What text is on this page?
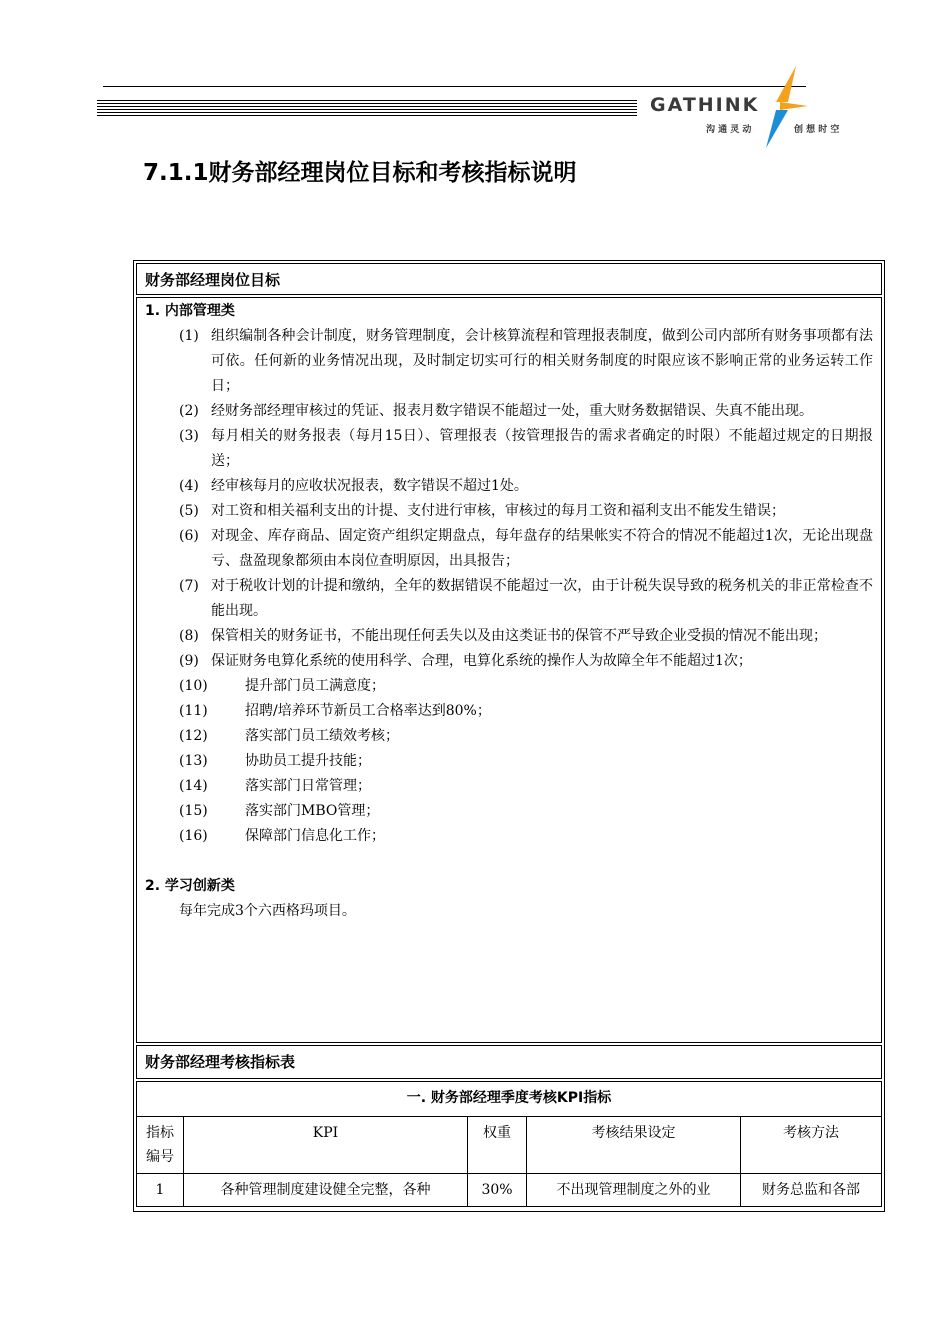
GATHINK
沟 通 灵 动	创 想 时 空
7.1.1财务部经理岗位目标和考核指标说明
财务部经理岗位目标
1. 内部管理类
(1) 组织编制各种会计制度，财务管理制度，会计核算流程和管理报表制度，做到公司内部所有财务事项都有法可依。任何新的业务情况出现，及时制定切实可行的相关财务制度的时限应该不影响正常的业务运转工作日；
(2) 经财务部经理审核过的凭证、报表月数字错误不能超过一处，重大财务数据错误、失真不能出现。
(3) 每月相关的财务报表（每月15日）、管理报表（按管理报告的需求者确定的时限）不能超过规定的日期报送；
(4) 经审核每月的应收状况报表，数字错误不超过1处。
(5) 对工资和相关福利支出的计提、支付进行审核，审核过的每月工资和福利支出不能发生错误；
(6) 对现金、库存商品、固定资产组织定期盘点，每年盘存的结果帐实不符合的情况不能超过1次，无论出现盘亏、盘盈现象都须由本岗位查明原因，出具报告；
(7) 对于税收计划的计提和缴纳，全年的数据错误不能超过一次，由于计税失误导致的税务机关的非正常检查不能出现。
(8) 保管相关的财务证书，不能出现任何丢失以及由这类证书的保管不严导致企业受损的情况不能出现；
(9) 保证财务电算化系统的使用科学、合理，电算化系统的操作人为故障全年不能超过1次；
(10)	提升部门员工满意度；
(11)	招聘/培养环节新员工合格率达到80%；
(12)	落实部门员工绩效考核；
(13)	协助员工提升技能；
(14)	落实部门日常管理；
(15)	落实部门MBO管理；
(16)	保障部门信息化工作；
2. 学习创新类
每年完成3个六西格玛项目。
财务部经理考核指标表
一. 财务部经理季度考核KPI指标				
指标编号	KPI	权重	考核结果设定	考核方法
1	各种管理制度建设健全完整，各种	30%	不出现管理制度之外的业	财务总监和各部
